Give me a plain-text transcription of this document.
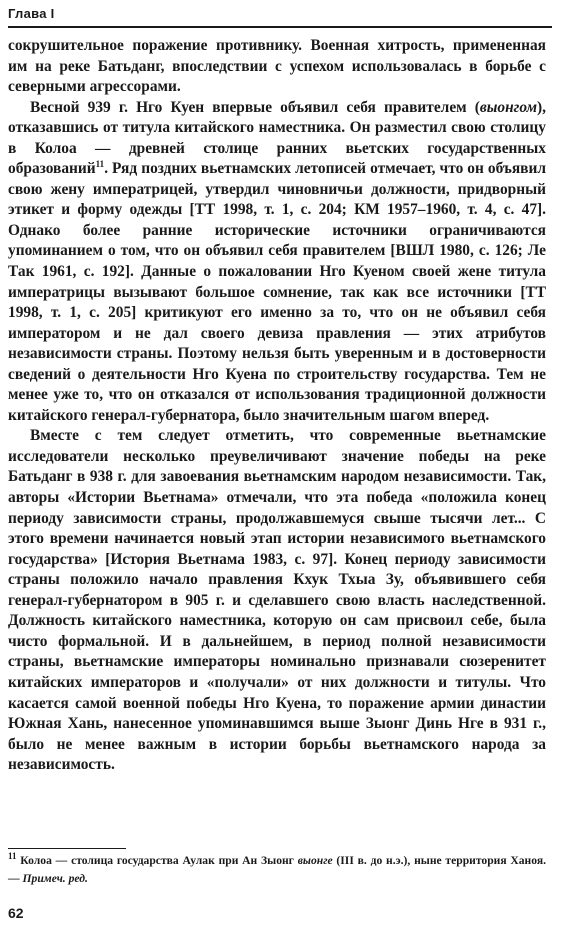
Глава I

сокрушительное поражение противнику. Военная хитрость, примененная им на реке Батьданг, впоследствии с успехом использовалась в борьбе с северными агрессорами.

Весной 939 г. Нго Куен впервые объявил себя правителем (выонгом), отказавшись от титула китайского наместника. Он разместил свою столицу в Колоа — древней столице ранних вьетских государственных образований$^{11}$. Ряд поздних вьетнамских летописей отмечает, что он объявил свою жену императрицей, утвердил чиновничьи должности, придворный этикет и форму одежды [ТТ 1998, т. 1, с. 204; КМ 1957–1960, т. 4, с. 47]. Однако более ранние исторические источники ограничиваются упоминанием о том, что он объявил себя правителем [ВШЛ 1980, с. 126; Ле Так 1961, с. 192]. Данные о пожаловании Нго Куеном своей жене титула императрицы вызывают большое сомнение, так как все источники [ТТ 1998, т. 1, с. 205] критикуют его именно за то, что он не объявил себя императором и не дал своего девиза правления — этих атрибутов независимости страны. Поэтому нельзя быть уверенным и в достоверности сведений о деятельности Нго Куена по строительству государства. Тем не менее уже то, что он отказался от использования традиционной должности китайского генерал-губернатора, было значительным шагом вперед.

Вместе с тем следует отметить, что современные вьетнамские исследователи несколько преувеличивают значение победы на реке Батьданг в 938 г. для завоевания вьетнамским народом независимости. Так, авторы «Истории Вьетнама» отмечали, что эта победа «положила конец периоду зависимости страны, продолжавшемуся свыше тысячи лет... С этого времени начинается новый этап истории независимого вьетнамского государства» [История Вьетнама 1983, с. 97]. Конец периоду зависимости страны положило начало правления Кхук Тхыа Зу, объявившего себя генерал-губернатором в 905 г. и сделавшего свою власть наследственной. Должность китайского наместника, которую он сам присвоил себе, была чисто формальной. И в дальнейшем, в период полной независимости страны, вьетнамские императоры номинально признавали сюзеренитет китайских императоров и «получали» от них должности и титулы. Что касается самой военной победы Нго Куена, то поражение армии династии Южная Хань, нанесенное упоминавшимся выше Зыонг Динь Нге в 931 г., было не менее важным в истории борьбы вьетнамского народа за независимость.

$^{11}$ Колоа — столица государства Аулак при Ан Зыонг выонге (III в. до н.э.), ныне территория Ханоя. — Примеч. ред.
62
